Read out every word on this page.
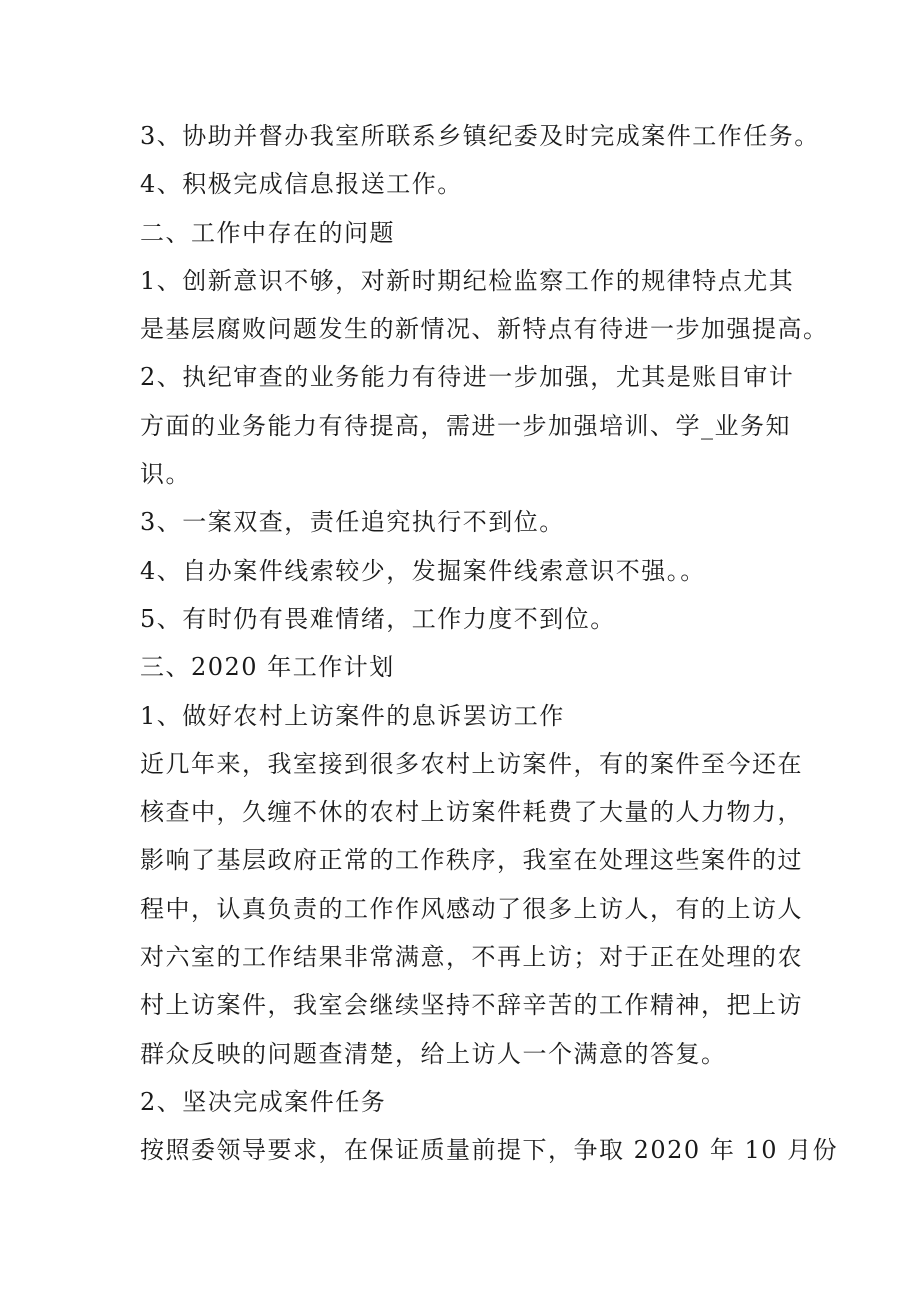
3、协助并督办我室所联系乡镇纪委及时完成案件工作任务。
4、积极完成信息报送工作。
二、工作中存在的问题
1、创新意识不够，对新时期纪检监察工作的规律特点尤其
是基层腐败问题发生的新情况、新特点有待进一步加强提高。
2、执纪审查的业务能力有待进一步加强，尤其是账目审计
方面的业务能力有待提高，需进一步加强培训、学_业务知
识。
3、一案双查，责任追究执行不到位。
4、自办案件线索较少，发掘案件线索意识不强。。
5、有时仍有畏难情绪，工作力度不到位。
三、2020 年工作计划
1、做好农村上访案件的息诉罢访工作
近几年来，我室接到很多农村上访案件，有的案件至今还在
核查中，久缠不休的农村上访案件耗费了大量的人力物力，
影响了基层政府正常的工作秩序，我室在处理这些案件的过
程中，认真负责的工作作风感动了很多上访人，有的上访人
对六室的工作结果非常满意，不再上访；对于正在处理的农
村上访案件，我室会继续坚持不辞辛苦的工作精神，把上访
群众反映的问题查清楚，给上访人一个满意的答复。
2、坚决完成案件任务
按照委领导要求，在保证质量前提下，争取 2020 年 10 月份
